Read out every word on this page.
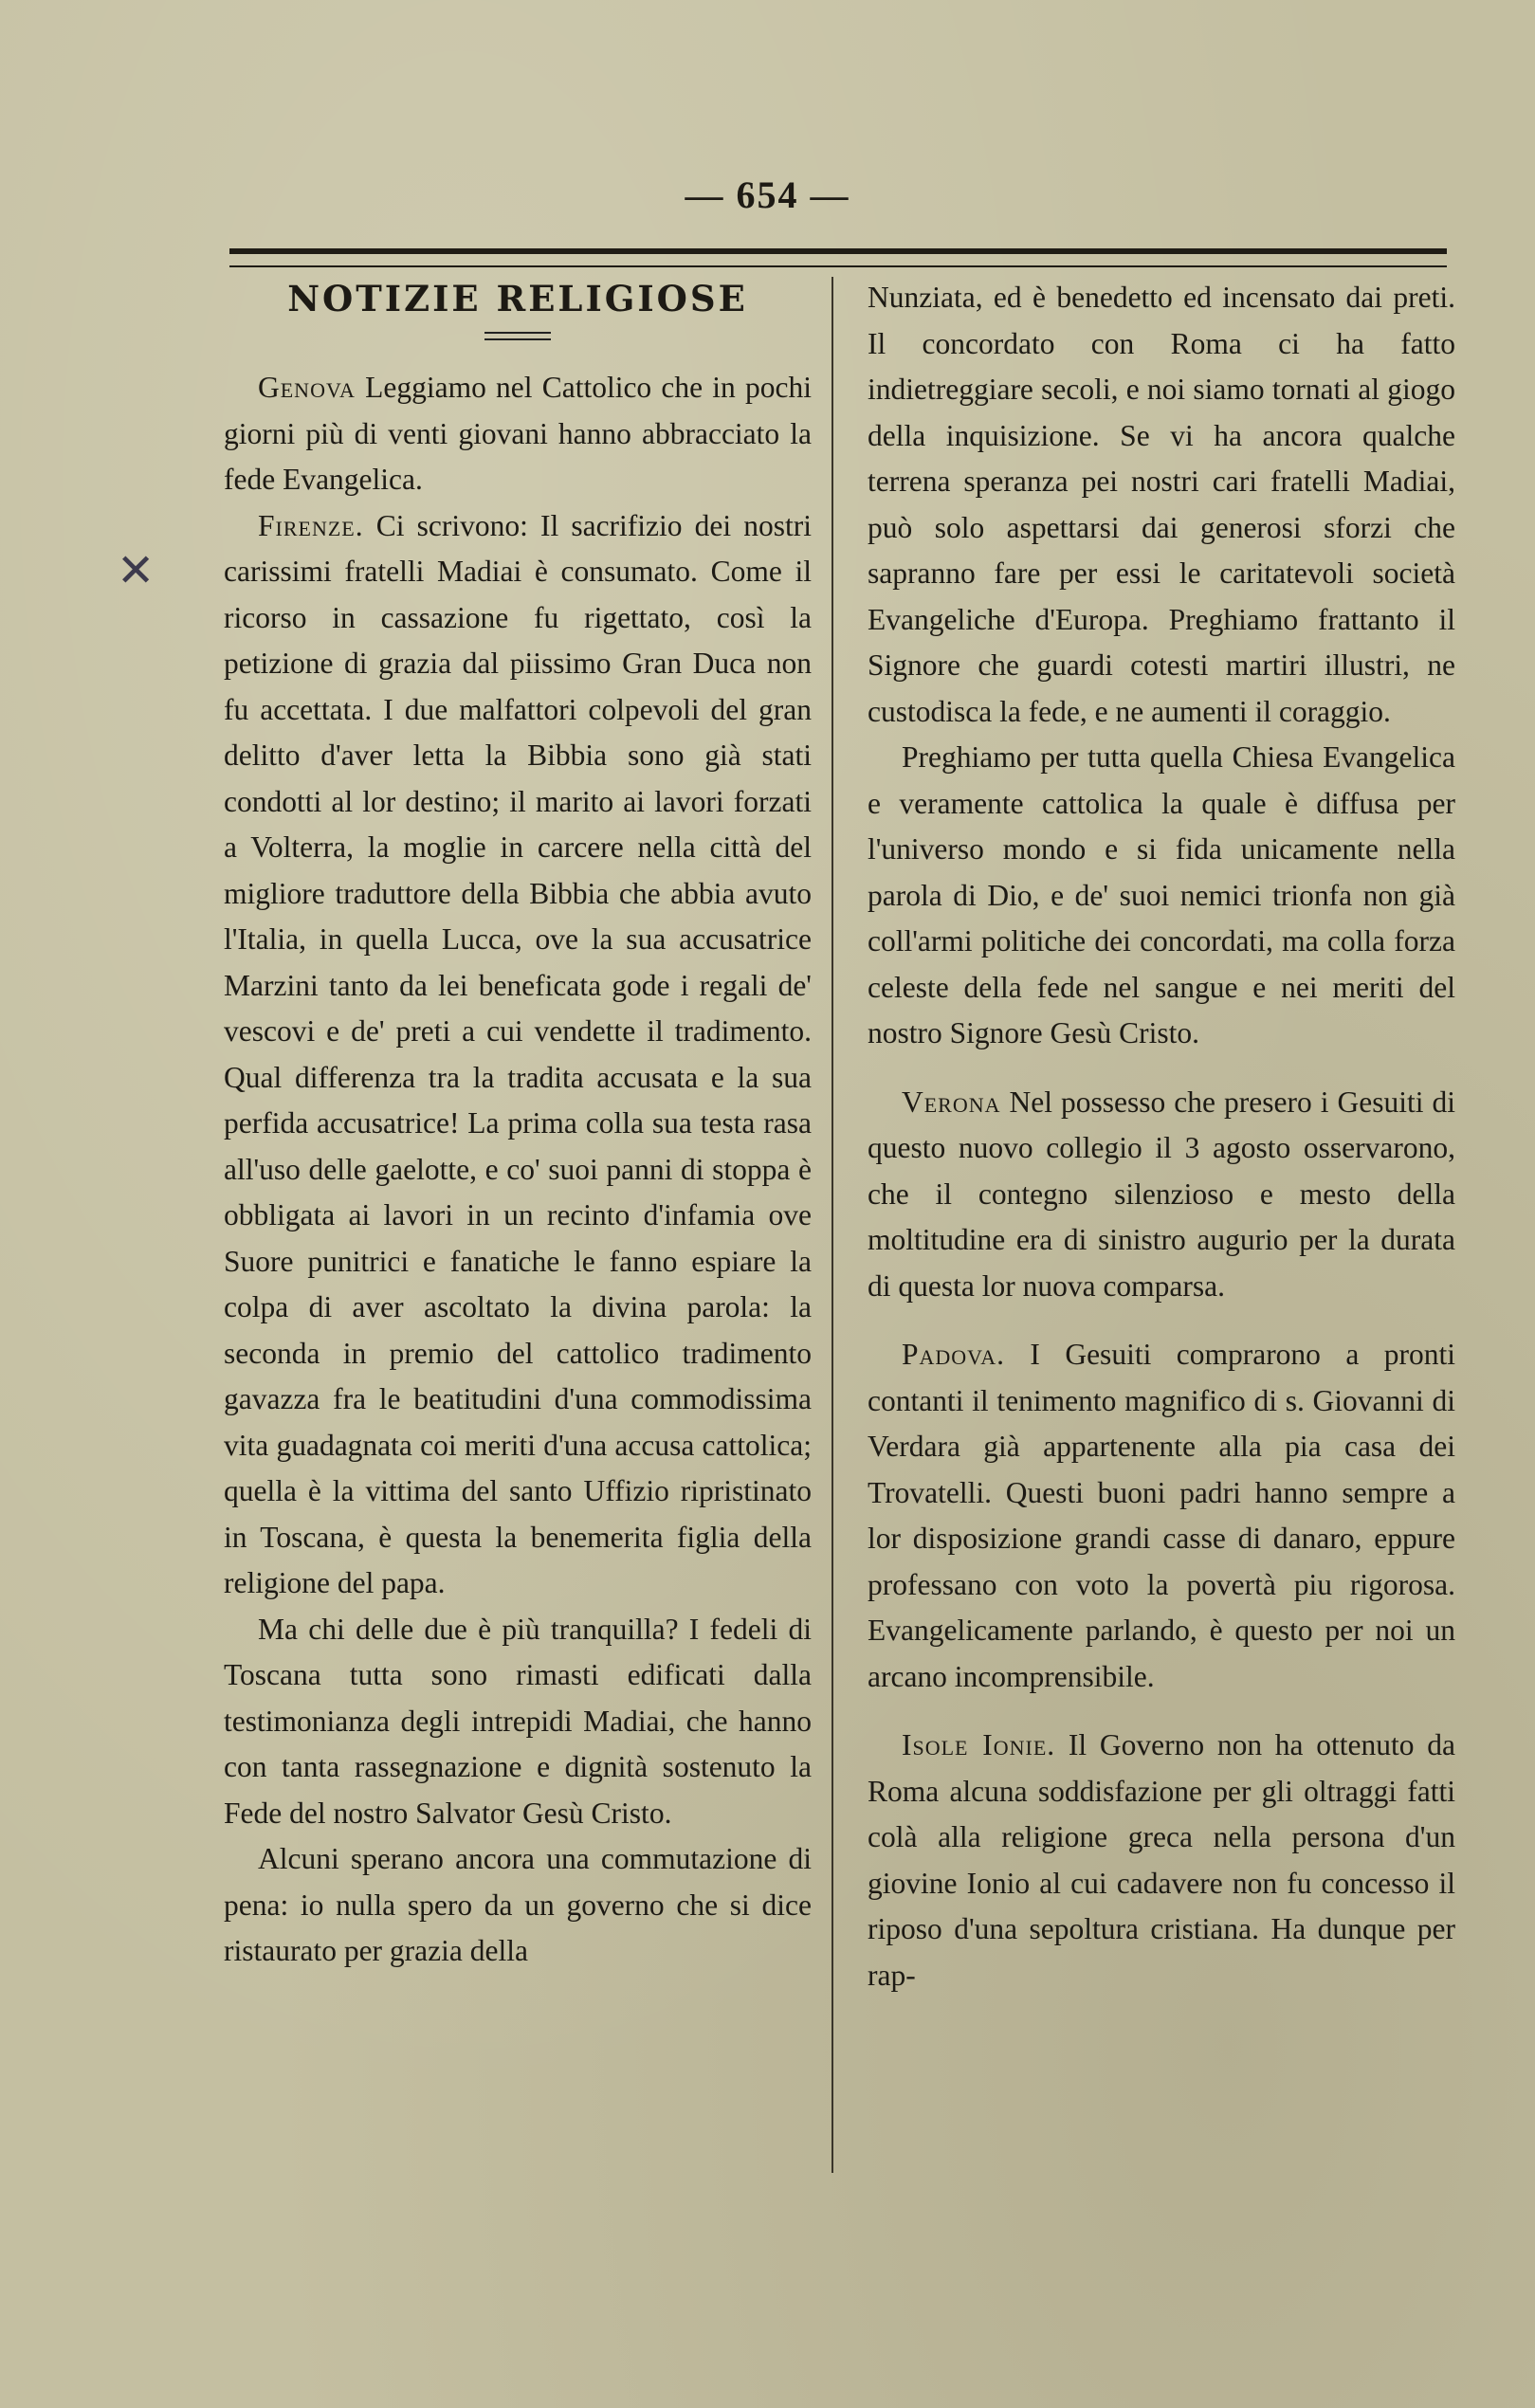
— 654 —
✕
NOTIZIE RELIGIOSE

Genova Leggiamo nel Cattolico che in pochi giorni più di venti giovani hanno abbracciato la fede Evangelica.

Firenze. Ci scrivono: Il sacrifizio dei nostri carissimi fratelli Madiai è consumato. Come il ricorso in cassazione fu rigettato, così la petizione di grazia dal piissimo Gran Duca non fu accettata. I due malfattori colpevoli del gran delitto d'aver letta la Bibbia sono già stati condotti al lor destino; il marito ai lavori forzati a Volterra, la moglie in carcere nella città del migliore traduttore della Bibbia che abbia avuto l'Italia, in quella Lucca, ove la sua accusatrice Marzini tanto da lei beneficata gode i regali de' vescovi e de' preti a cui vendette il tradimento. Qual differenza tra la tradita accusata e la sua perfida accusatrice! La prima colla sua testa rasa all'uso delle gaelotte, e co' suoi panni di stoppa è obbligata ai lavori in un recinto d'infamia ove Suore punitrici e fanatiche le fanno espiare la colpa di aver ascoltato la divina parola: la seconda in premio del cattolico tradimento gavazza fra le beatitudini d'una commodissima vita guadagnata coi meriti d'una accusa cattolica; quella è la vittima del santo Uffizio ripristinato in Toscana, è questa la benemerita figlia della religione del papa.

Ma chi delle due è più tranquilla? I fedeli di Toscana tutta sono rimasti edificati dalla testimonianza degli intrepidi Madiai, che hanno con tanta rassegnazione e dignità sostenuto la Fede del nostro Salvator Gesù Cristo.

Alcuni sperano ancora una commutazione di pena: io nulla spero da un governo che si dice ristaurato per grazia della

Nunziata, ed è benedetto ed incensato dai preti. Il concordato con Roma ci ha fatto indietreggiare secoli, e noi siamo tornati al giogo della inquisizione. Se vi ha ancora qualche terrena speranza pei nostri cari fratelli Madiai, può solo aspettarsi dai generosi sforzi che sapranno fare per essi le caritatevoli società Evangeliche d'Europa. Preghiamo frattanto il Signore che guardi cotesti martiri illustri, ne custodisca la fede, e ne aumenti il coraggio.

Preghiamo per tutta quella Chiesa Evangelica e veramente cattolica la quale è diffusa per l'universo mondo e si fida unicamente nella parola di Dio, e de' suoi nemici trionfa non già coll'armi politiche dei concordati, ma colla forza celeste della fede nel sangue e nei meriti del nostro Signore Gesù Cristo.

Verona Nel possesso che presero i Gesuiti di questo nuovo collegio il 3 agosto osservarono, che il contegno silenzioso e mesto della moltitudine era di sinistro augurio per la durata di questa lor nuova comparsa.

Padova. I Gesuiti comprarono a pronti contanti il tenimento magnifico di s. Giovanni di Verdara già appartenente alla pia casa dei Trovatelli. Questi buoni padri hanno sempre a lor disposizione grandi casse di danaro, eppure professano con voto la povertà piu rigorosa. Evangelicamente parlando, è questo per noi un arcano incomprensibile.

Isole Ionie. Il Governo non ha ottenuto da Roma alcuna soddisfazione per gli oltraggi fatti colà alla religione greca nella persona d'un giovine Ionio al cui cadavere non fu concesso il riposo d'una sepoltura cristiana. Ha dunque per rap-
